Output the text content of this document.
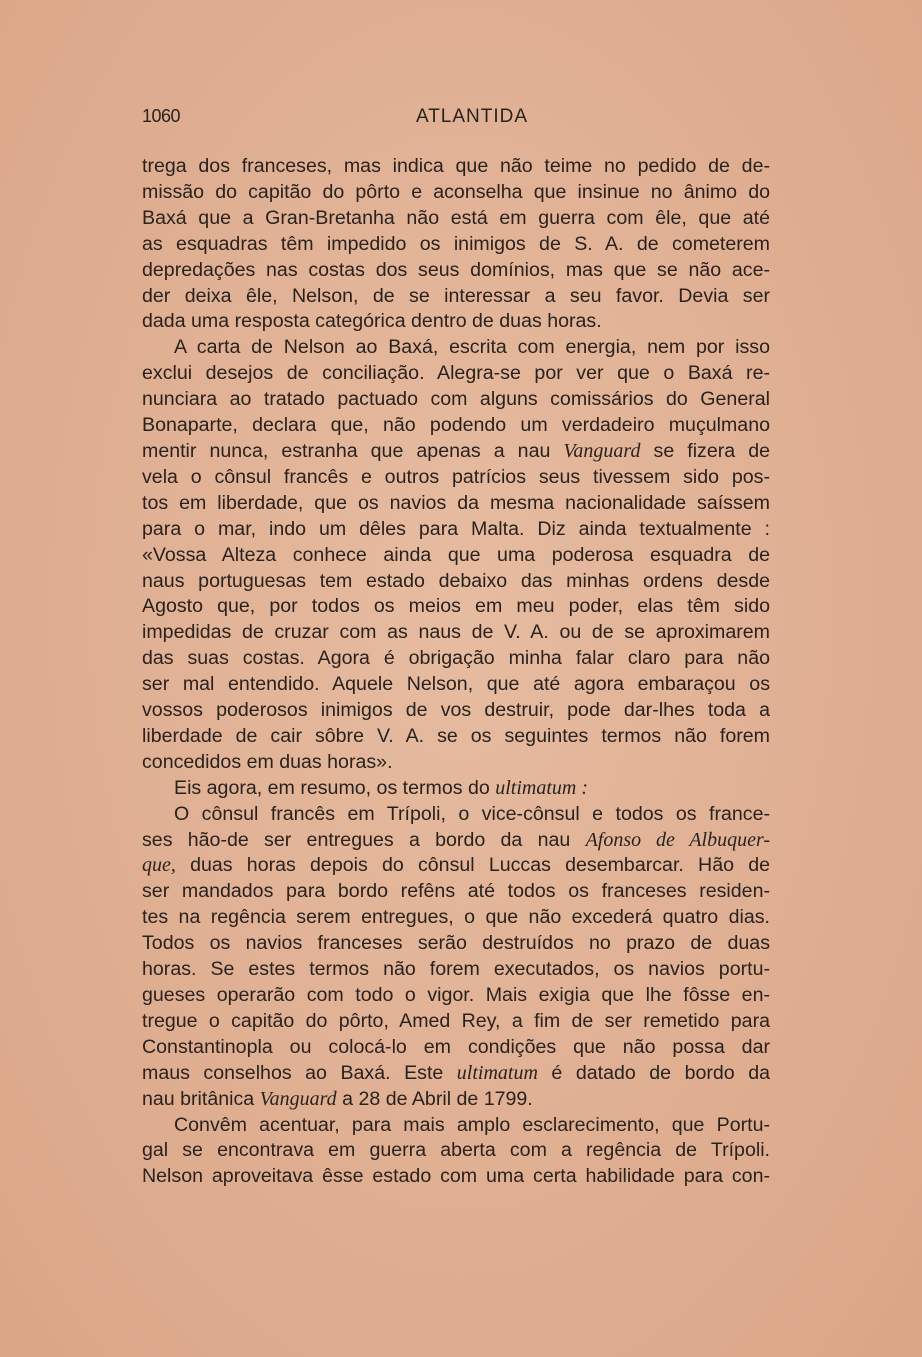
1060	ATLANTIDA
trega dos franceses, mas indica que não teime no pedido de de-
missão do capitão do pôrto e aconselha que insinue no ânimo do
Baxá que a Gran-Bretanha não está em guerra com êle, que até
as esquadras têm impedido os inimigos de S. A. de cometerem
depredações nas costas dos seus domínios, mas que se não ace-
der deixa êle, Nelson, de se interessar a seu favor. Devia ser
dada uma resposta categórica dentro de duas horas.
A carta de Nelson ao Baxá, escrita com energia, nem por isso
exclui desejos de conciliação. Alegra-se por ver que o Baxá re-
nunciara ao tratado pactuado com alguns comissários do General
Bonaparte, declara que, não podendo um verdadeiro muçulmano
mentir nunca, estranha que apenas a nau Vanguard se fizera de
vela o cônsul francês e outros patrícios seus tivessem sido pos-
tos em liberdade, que os navios da mesma nacionalidade saíssem
para o mar, indo um dêles para Malta. Diz ainda textualmente :
«Vossa Alteza conhece ainda que uma poderosa esquadra de
naus portuguesas tem estado debaixo das minhas ordens desde
Agosto que, por todos os meios em meu poder, elas têm sido
impedidas de cruzar com as naus de V. A. ou de se aproximarem
das suas costas. Agora é obrigação minha falar claro para não
ser mal entendido. Aquele Nelson, que até agora embaraçou os
vossos poderosos inimigos de vos destruir, pode dar-lhes toda a
liberdade de cair sôbre V. A. se os seguintes termos não forem
concedidos em duas horas».
Eis agora, em resumo, os termos do ultimatum :
O cônsul francês em Trípoli, o vice-cônsul e todos os france-
ses hão-de ser entregues a bordo da nau Afonso de Albuquer-
que, duas horas depois do cônsul Luccas desembarcar. Hão de
ser mandados para bordo refêns até todos os franceses residen-
tes na regência serem entregues, o que não excederá quatro dias.
Todos os navios franceses serão destruídos no prazo de duas
horas. Se estes termos não forem executados, os navios portu-
gueses operarão com todo o vigor. Mais exigia que lhe fôsse en-
tregue o capitão do pôrto, Amed Rey, a fim de ser remetido para
Constantinopla ou colocá-lo em condições que não possa dar
maus conselhos ao Baxá. Este ultimatum é datado de bordo da
nau britânica Vanguard a 28 de Abril de 1799.
Convêm acentuar, para mais amplo esclarecimento, que Portu-
gal se encontrava em guerra aberta com a regência de Trípoli.
Nelson aproveitava êsse estado com uma certa habilidade para con-
